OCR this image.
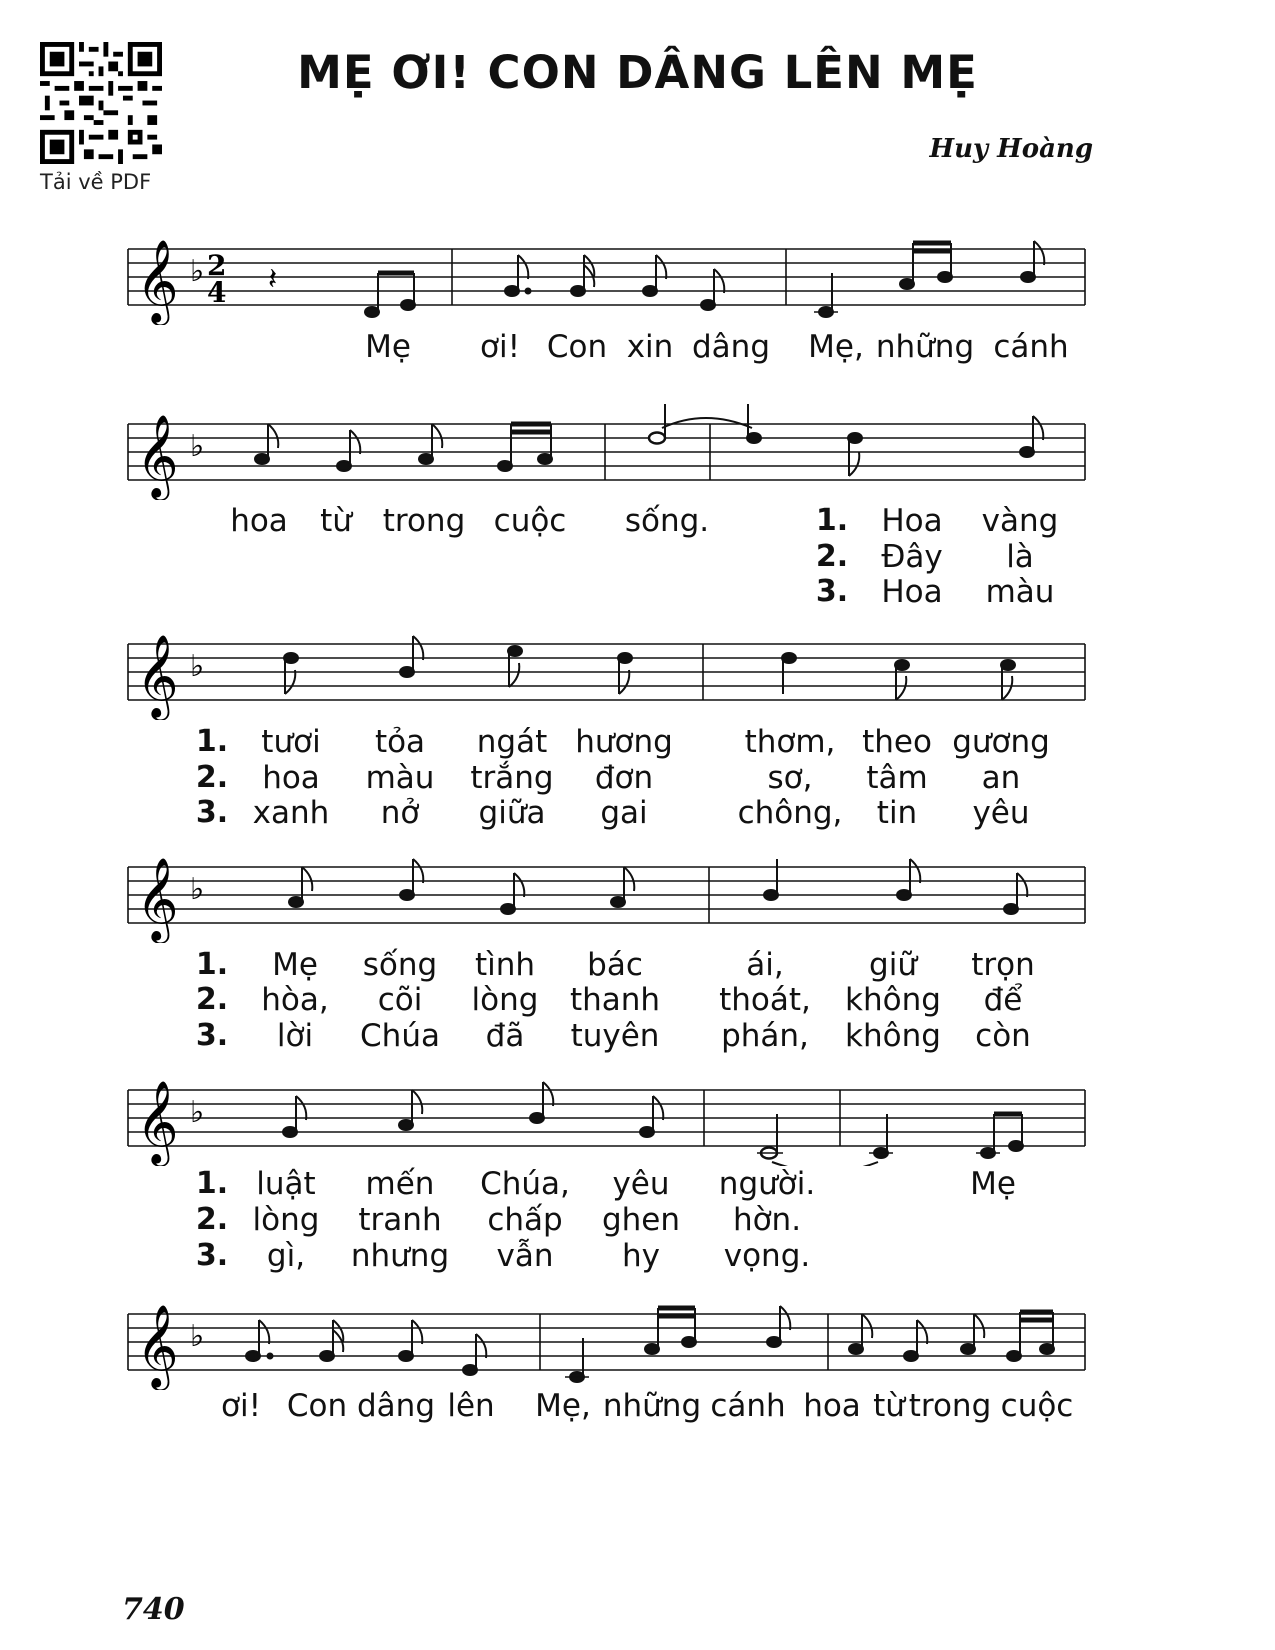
Tải về PDF
MẸ ƠI! CON DÂNG LÊN MẸ
Huy Hoàng
𝄞 ♭ 2
4 𝄽
Mẹ ơi! Con xin dâng Mẹ, những cánh
𝄞 ♭
hoa từ trong cuộc sống.	1. Hoa vàng
2. Đây là
3. Hoa màu
𝄞 ♭
1. tươi tỏa ngát hương thơm, theo gương
2. hoa màu trắng đơn	sơ, tâm an
3. xanh nở giữa gai	chông, tin yêu
𝄞 ♭
1. Mẹ sống tình bác	ái,	giữ trọn
2. hòa, cõi lòng thanh thoát, không để
3. lời Chúa đã tuyên phán, không còn
𝄞 ♭
1. luật mến Chúa, yêu người.	Mẹ
2. lòng tranh chấp ghen hờn.
3. gì, nhưng vẫn hy vọng.
𝄞 ♭
ơi! Con dâng lên Mẹ, những cánh hoa từ trong cuộc
740
